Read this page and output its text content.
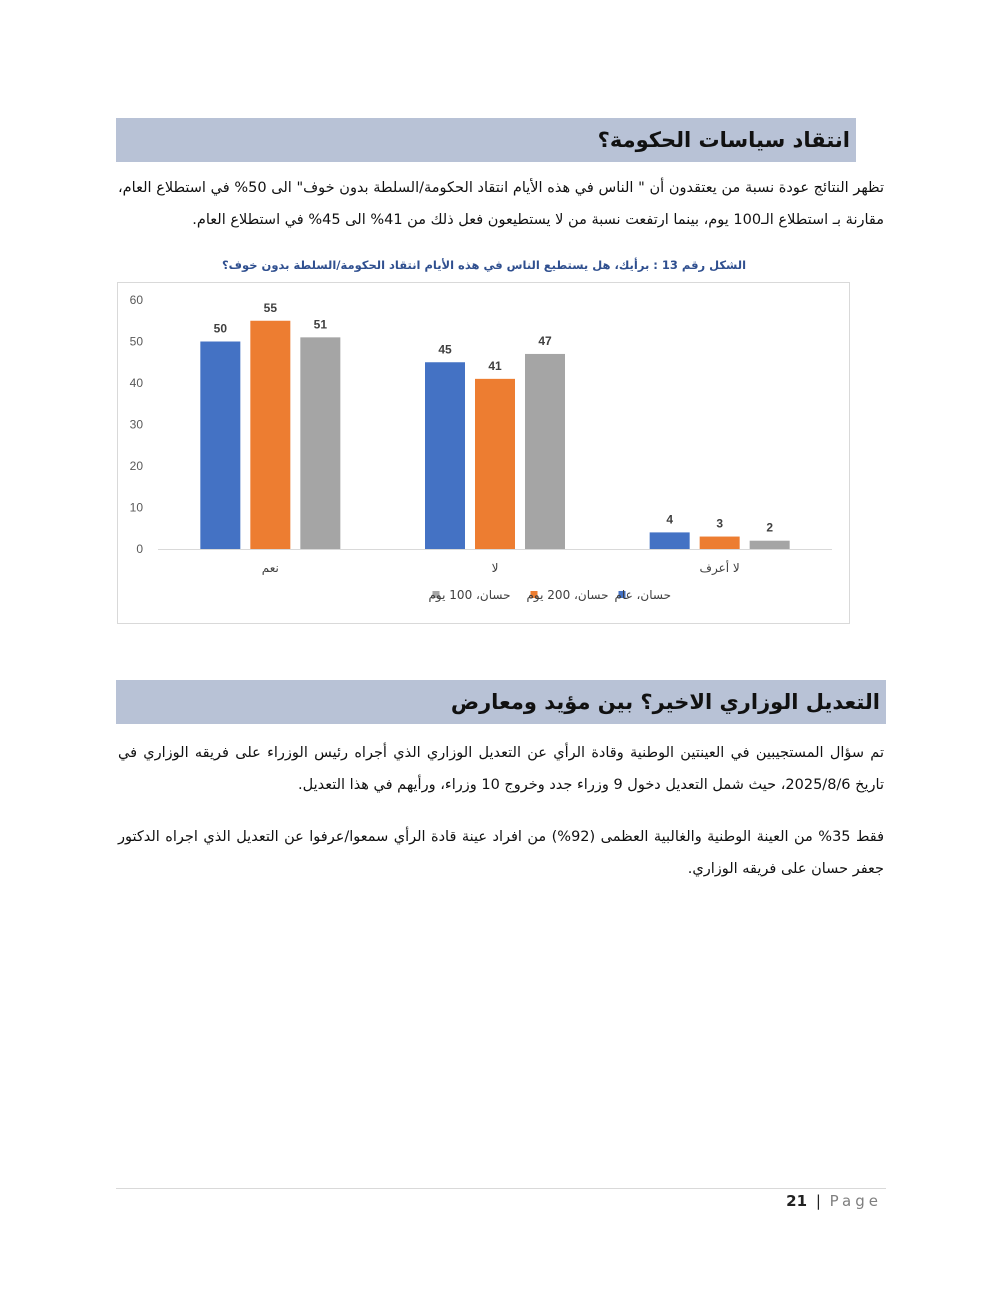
انتقاد سياسات الحكومة؟

تظهر النتائج عودة نسبة من يعتقدون أن " الناس في هذه الأيام انتقاد الحكومة/السلطة بدون خوف" الى 50% في استطلاع العام، مقارنة بـ استطلاع الـ100 يوم، بينما ارتفعت نسبة من لا يستطيعون فعل ذلك من 41% الى 45% في استطلاع العام.

الشكل رقم 13 : برأيك، هل يستطيع الناس في هذه الأيام انتقاد الحكومة/السلطة بدون خوف؟
0
10
20
30
40
50
60
50
55
51
نعم
45
41
47
لا
4	3	2
لا أعرف
حسان، عام
حسان، 200 يوم
حسان، 100 يوم
التعديل الوزاري الاخير؟ بين مؤيد ومعارض

تم سؤال المستجيبين في العينتين الوطنية وقادة الرأي عن التعديل الوزاري الذي أجراه رئيس الوزراء على فريقه الوزاري في تاريخ 2025/8/6، حيث شمل التعديل دخول 9 وزراء جدد وخروج 10 وزراء، ورأيهم في هذا التعديل.

فقط 35% من العينة الوطنية والغالبية العظمى (92%) من افراد عينة قادة الرأي سمعوا/عرفوا عن التعديل الذي اجراه الدكتور جعفر حسان على فريقه الوزاري.

21 | Page
